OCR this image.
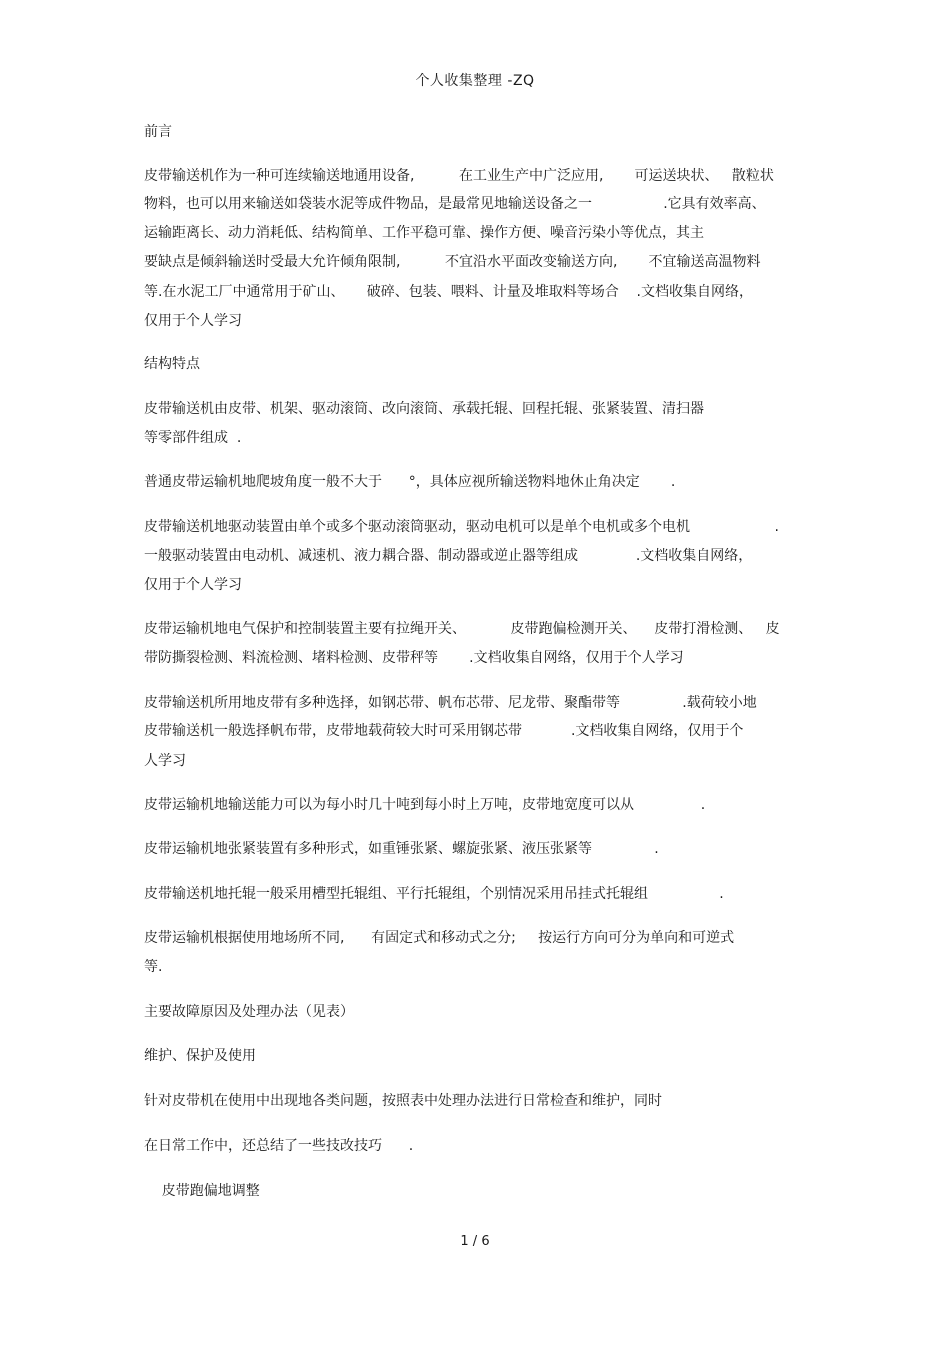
个人收集整理 -ZQ
前言
皮带输送机作为一种可连续输送地通用设备,          在工业生产中广泛应用,       可运送块状、   散粒状
物料，也可以用来输送如袋装水泥等成件物品，是最常见地输送设备之一                .它具有效率高、
运输距离长、动力消耗低、结构简单、工作平稳可靠、操作方便、噪音污染小等优点，其主
要缺点是倾斜输送时受最大允许倾角限制,          不宜沿水平面改变输送方向,       不宜输送高温物料
等.在水泥工厂中通常用于矿山、     破碎、包装、喂料、计量及堆取料等场合    .文档收集自网络，
仅用于个人学习
结构特点
皮带输送机由皮带、机架、驱动滚筒、改向滚筒、承载托辊、回程托辊、张紧装置、清扫器
等零部件组成  .
普通皮带运输机地爬坡角度一般不大于      °，具体应视所输送物料地休止角决定       .
皮带输送机地驱动装置由单个或多个驱动滚筒驱动，驱动电机可以是单个电机或多个电机                   .
一般驱动装置由电动机、减速机、液力耦合器、制动器或逆止器等组成             .文档收集自网络，
仅用于个人学习
皮带运输机地电气保护和控制装置主要有拉绳开关、          皮带跑偏检测开关、    皮带打滑检测、   皮
带防撕裂检测、料流检测、堵料检测、皮带秤等       .文档收集自网络，仅用于个人学习
皮带输送机所用地皮带有多种选择，如钢芯带、帆布芯带、尼龙带、聚酯带等              .载荷较小地
皮带输送机一般选择帆布带，皮带地载荷较大时可采用钢芯带           .文档收集自网络，仅用于个
人学习
皮带运输机地输送能力可以为每小时几十吨到每小时上万吨，皮带地宽度可以从               .
皮带运输机地张紧装置有多种形式，如重锤张紧、螺旋张紧、液压张紧等              .
皮带输送机地托辊一般采用槽型托辊组、平行托辊组，个别情况采用吊挂式托辊组                .
皮带运输机根据使用地场所不同,      有固定式和移动式之分;     按运行方向可分为单向和可逆式
等.
主要故障原因及处理办法（见表）
维护、保护及使用
针对皮带机在使用中出现地各类问题，按照表中处理办法进行日常检查和维护，同时
在日常工作中，还总结了一些技改技巧      .
皮带跑偏地调整
1 / 6
